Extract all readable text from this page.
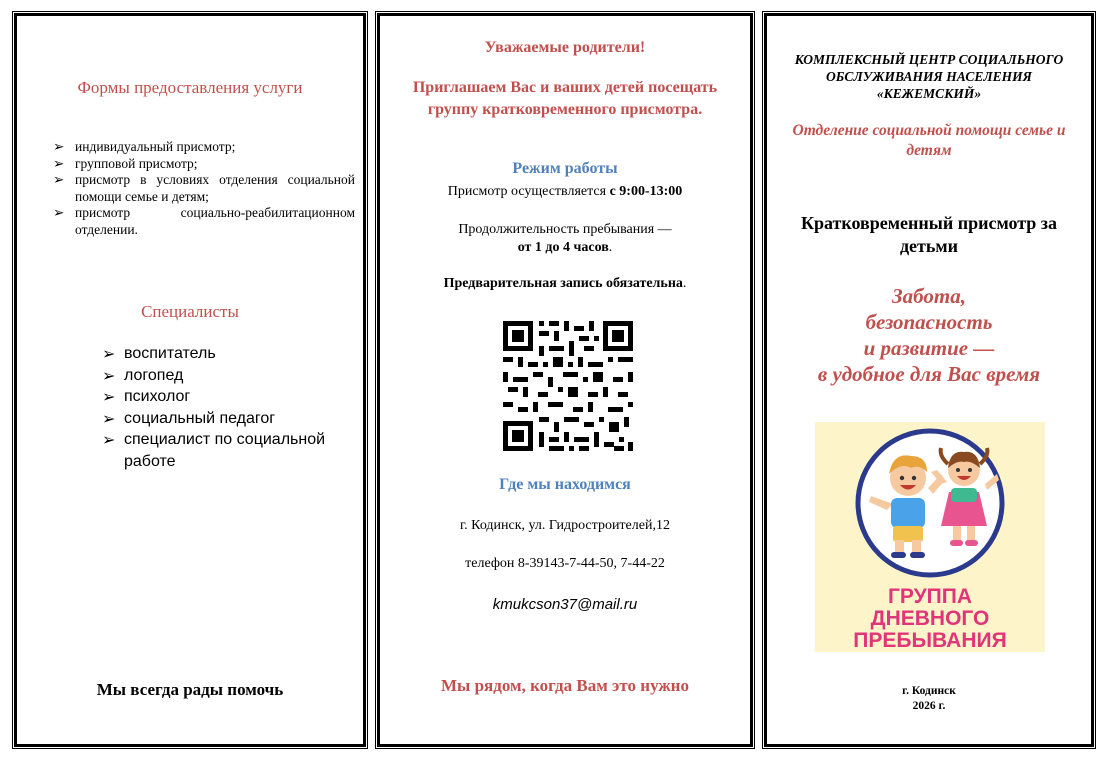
Формы предоставления услуги
➢ индивидуальный присмотр;
➢ групповой присмотр;
➢ присмотр в условиях отделения социальной помощи семье и детям;
➢ присмотр социально-реабилитационном отделении.
Специалисты
➢ воспитатель
➢ логопед
➢ психолог
➢ социальный педагог
➢ специалист по социальной работе
Мы всегда рады помочь
Уважаемые родители!
Приглашаем Вас и ваших детей посещать группу кратковременного присмотра.
Режим работы
Присмотр осуществляется с 9:00-13:00
Продолжительность пребывания —
от 1 до 4 часов.
Предварительная запись обязательна.
Где мы находимся
г. Кодинск, ул. Гидростроителей,12
телефон 8-39143-7-44-50, 7-44-22
kmukcson37@mail.ru
Мы рядом, когда Вам это нужно
КОМПЛЕКСНЫЙ ЦЕНТР СОЦИАЛЬНОГО ОБСЛУЖИВАНИЯ НАСЕЛЕНИЯ «КЕЖЕМСКИЙ»
Отделение социальной помощи семье и детям
Кратковременный присмотр за детьми
Забота,
безопасность
и развитие —
в удобное для Вас время
ГРУППА
ДНЕВНОГО
ПРЕБЫВАНИЯ
г. Кодинск
2026 г.
